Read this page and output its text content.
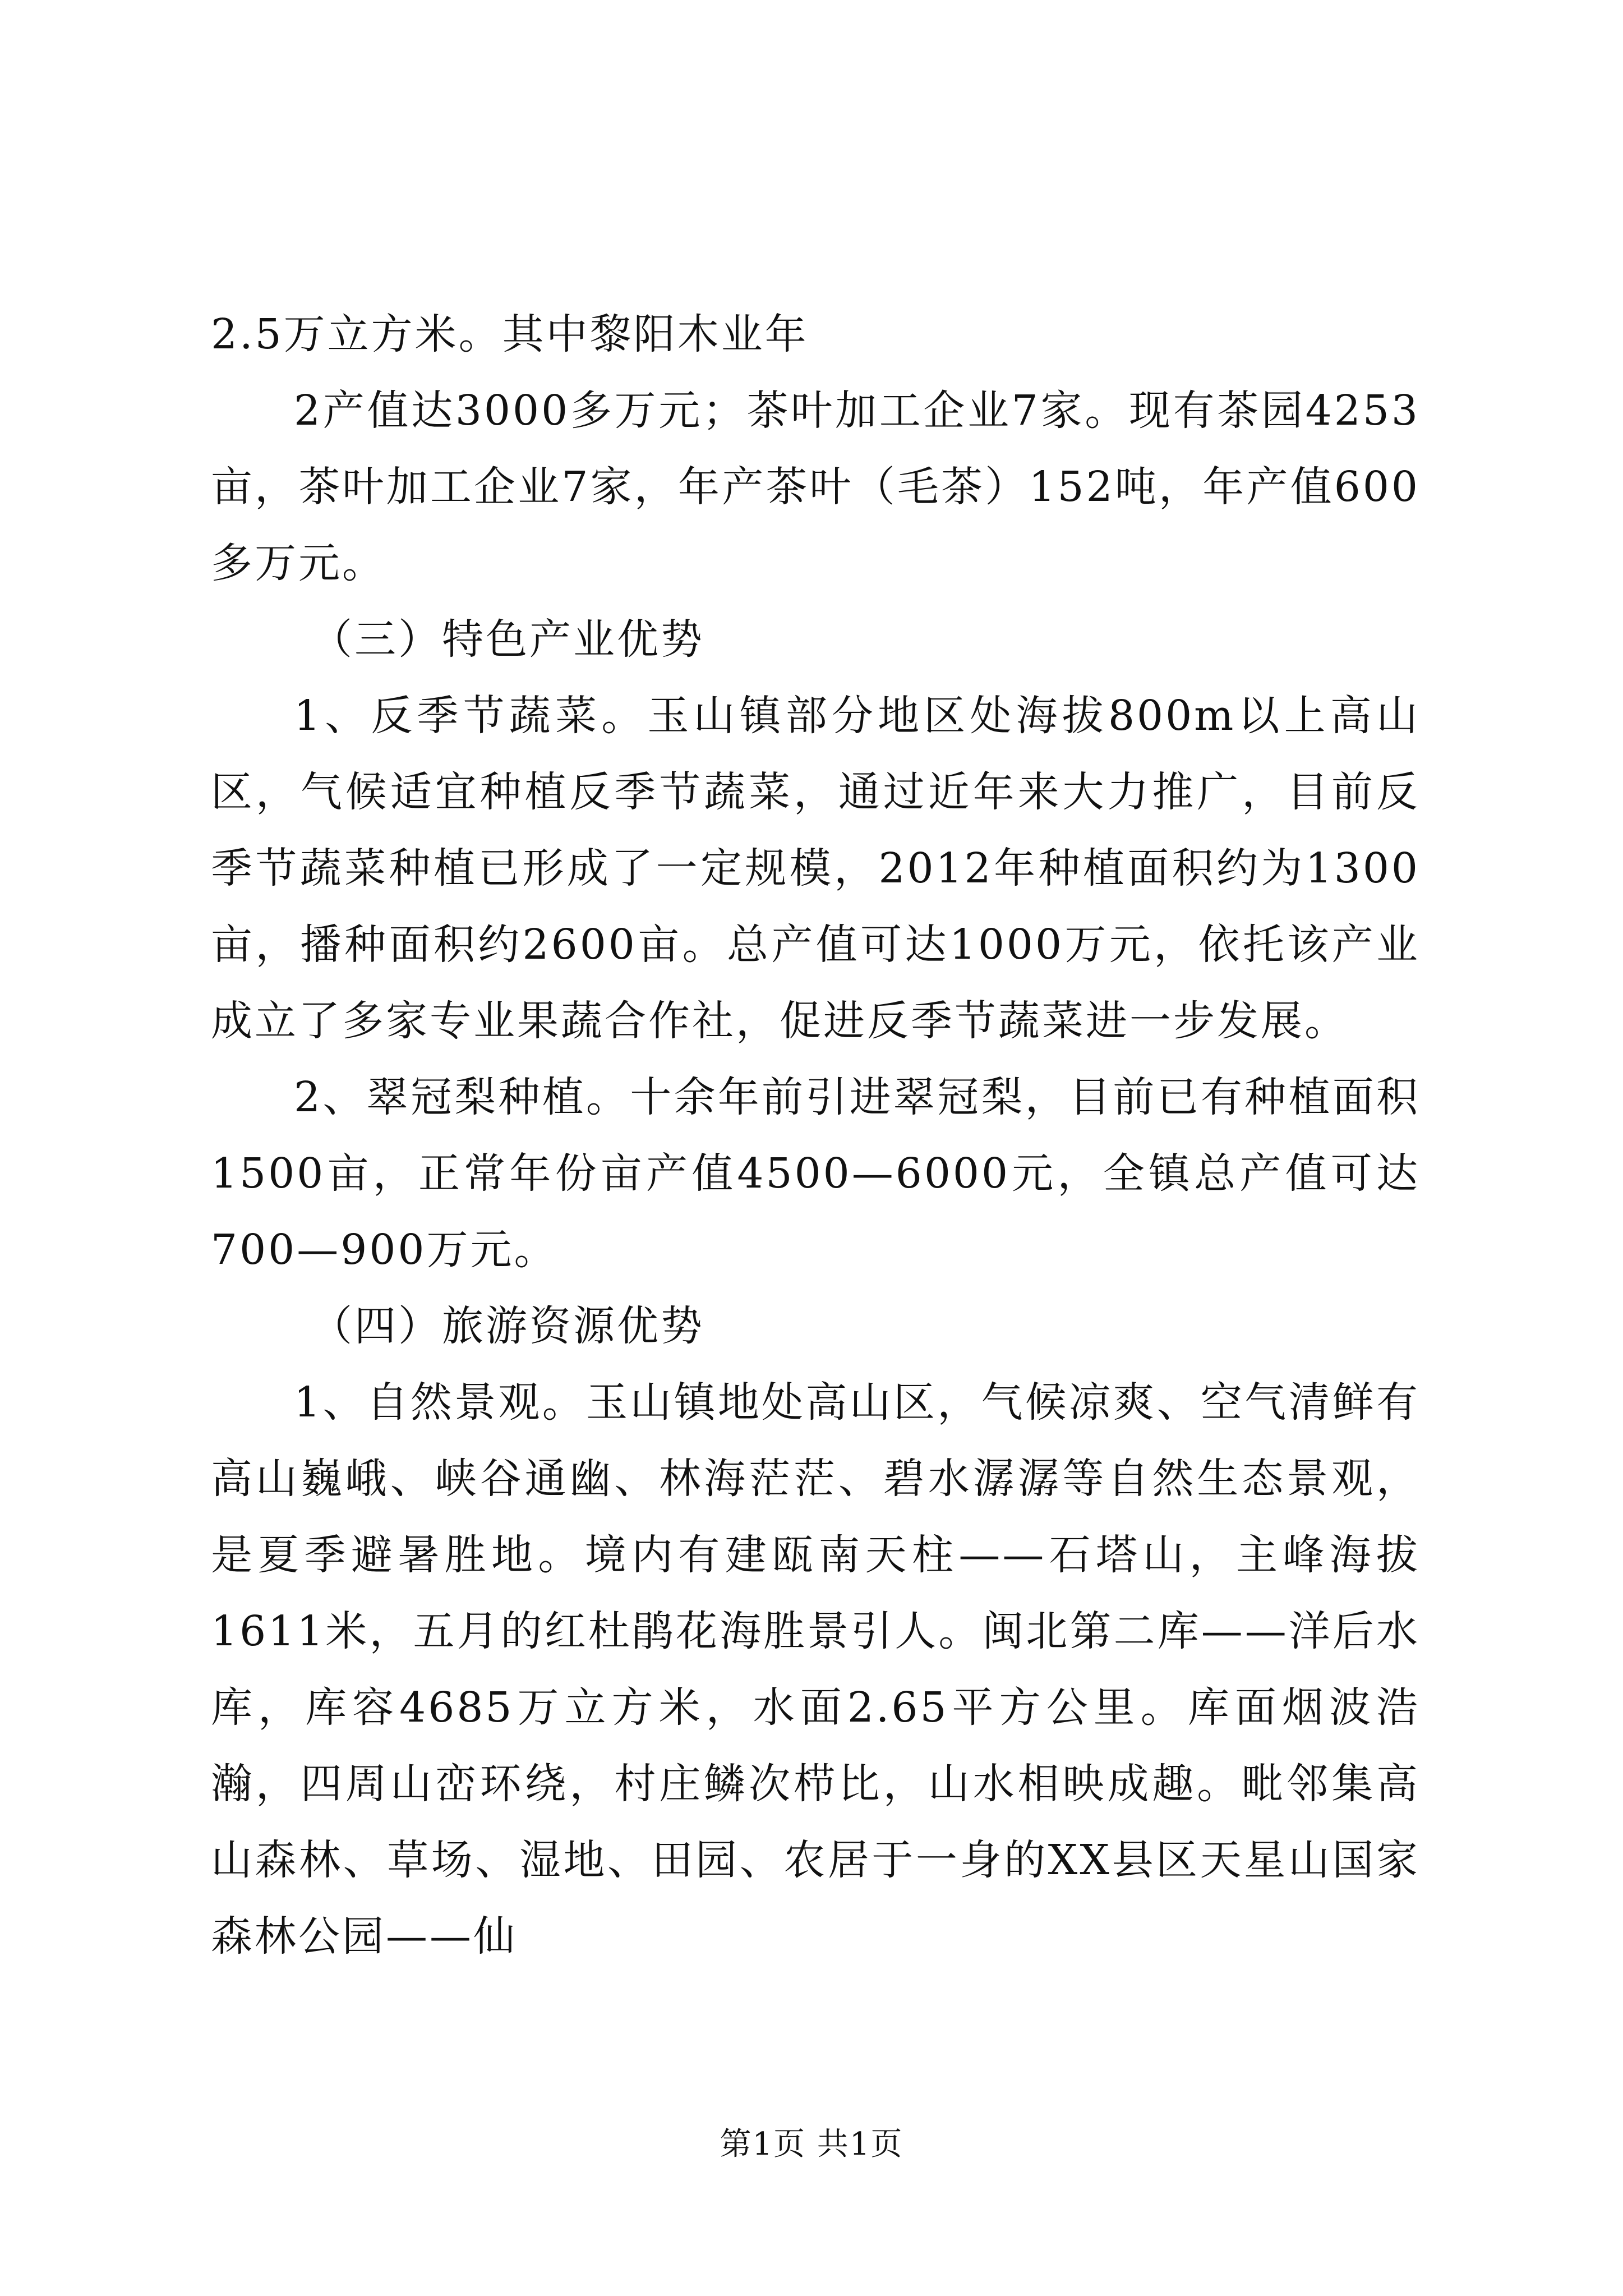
2.5万立方米。其中黎阳木业年

2产值达3000多万元；茶叶加工企业7家。现有茶园4253亩，茶叶加工企业7家，年产茶叶（毛茶）152吨，年产值600多万元。

（三）特色产业优势

1、反季节蔬菜。玉山镇部分地区处海拔800m以上高山区，气候适宜种植反季节蔬菜，通过近年来大力推广，目前反季节蔬菜种植已形成了一定规模，2012年种植面积约为1300亩，播种面积约2600亩。总产值可达1000万元，依托该产业成立了多家专业果蔬合作社，促进反季节蔬菜进一步发展。

2、翠冠梨种植。十余年前引进翠冠梨，目前已有种植面积1500亩，正常年份亩产值4500—6000元，全镇总产值可达700—900万元。

（四）旅游资源优势

1、自然景观。玉山镇地处高山区，气候凉爽、空气清鲜有高山巍峨、峡谷通幽、林海茫茫、碧水潺潺等自然生态景观，是夏季避暑胜地。境内有建瓯南天柱——石塔山，主峰海拔1611米，五月的红杜鹃花海胜景引人。闽北第二库——洋后水库，库容4685万立方米，水面2.65平方公里。库面烟波浩瀚，四周山峦环绕，村庄鳞次栉比，山水相映成趣。毗邻集高山森林、草场、湿地、田园、农居于一身的XX县区天星山国家森林公园——仙

第1页 共1页
